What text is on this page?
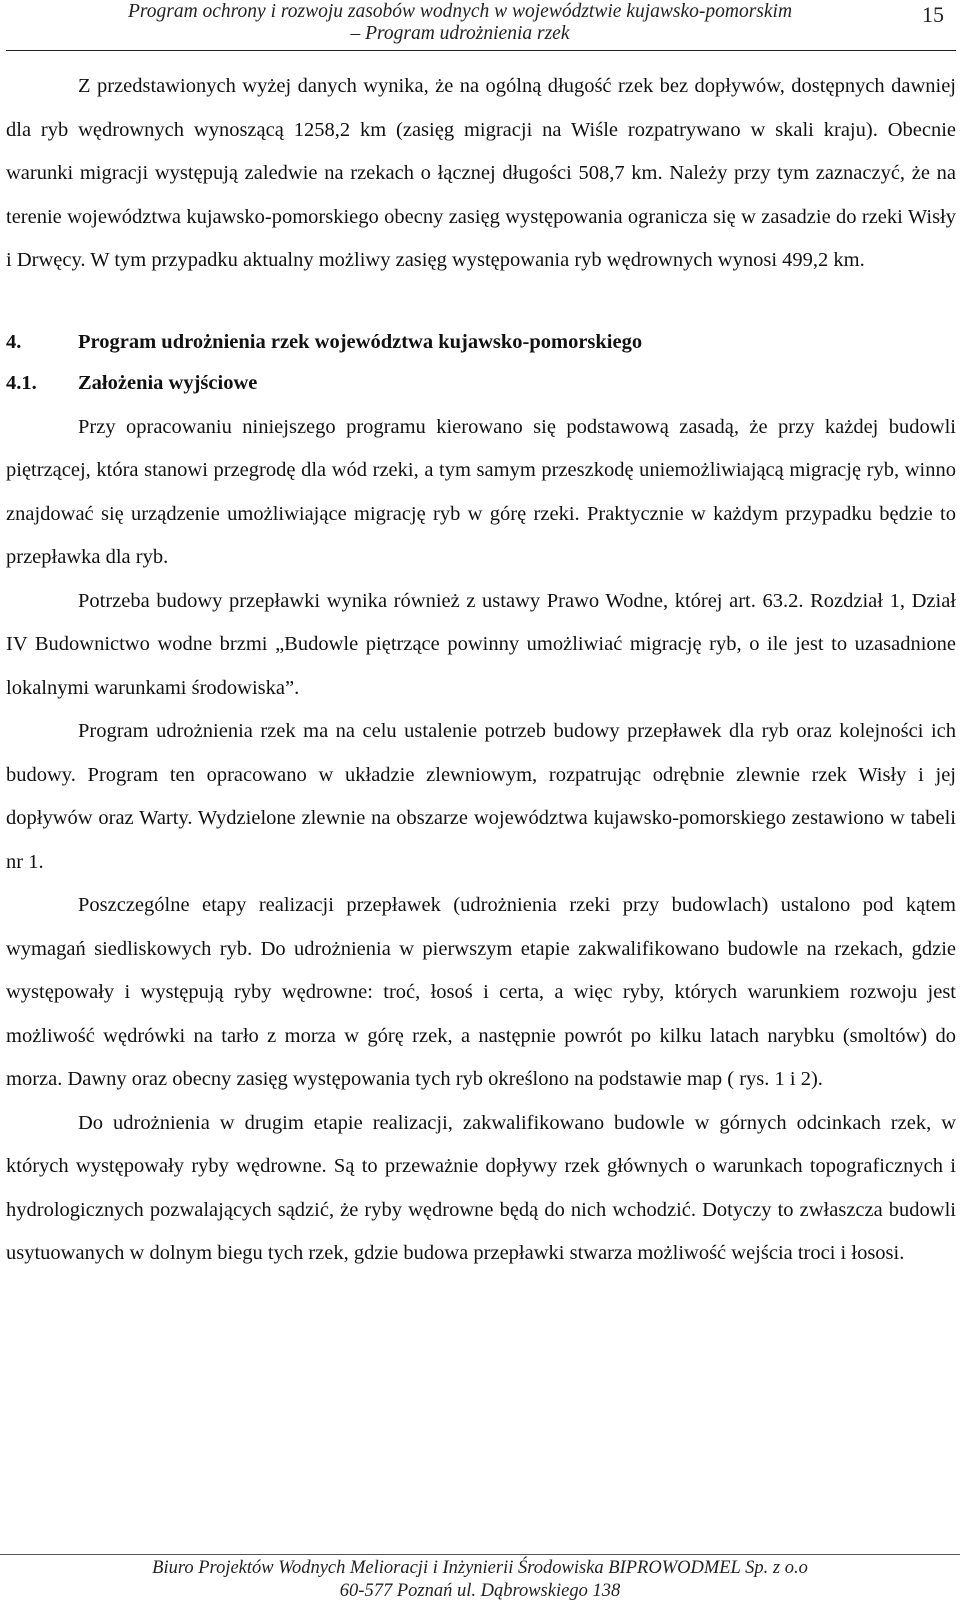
Program ochrony i rozwoju zasobów wodnych w województwie kujawsko-pomorskim
– Program udrożnienia rzek
15

Z przedstawionych wyżej danych wynika, że na ogólną długość rzek bez dopływów, dostępnych dawniej dla ryb wędrownych wynoszącą 1258,2 km (zasięg migracji na Wiśle rozpatrywano w skali kraju). Obecnie warunki migracji występują zaledwie na rzekach o łącznej długości 508,7 km. Należy przy tym zaznaczyć, że na terenie województwa kujawsko-pomorskiego obecny zasięg występowania ogranicza się w zasadzie do rzeki Wisły i Drwęcy. W tym przypadku aktualny możliwy zasięg występowania ryb wędrownych wynosi 499,2 km.

4.	Program udrożnienia rzek województwa kujawsko-pomorskiego

4.1. Założenia wyjściowe

Przy opracowaniu niniejszego programu kierowano się podstawową zasadą, że przy każdej budowli piętrzącej, która stanowi przegrodę dla wód rzeki, a tym samym przeszkodę uniemożliwiającą migrację ryb, winno znajdować się urządzenie umożliwiające migrację ryb w górę rzeki. Praktycznie w każdym przypadku będzie to przepławka dla ryb.

Potrzeba budowy przepławki wynika również z ustawy Prawo Wodne, której art. 63.2. Rozdział 1, Dział IV Budownictwo wodne brzmi „Budowle piętrzące powinny umożliwiać migrację ryb, o ile jest to uzasadnione lokalnymi warunkami środowiska”.

Program udrożnienia rzek ma na celu ustalenie potrzeb budowy przepławek dla ryb oraz kolejności ich budowy. Program ten opracowano w układzie zlewniowym, rozpatrując odrębnie zlewnie rzek Wisły i jej dopływów oraz Warty. Wydzielone zlewnie na obszarze województwa kujawsko-pomorskiego zestawiono w tabeli nr 1.

Poszczególne etapy realizacji przepławek (udrożnienia rzeki przy budowlach) ustalono pod kątem wymagań siedliskowych ryb. Do udrożnienia w pierwszym etapie zakwalifikowano budowle na rzekach, gdzie występowały i występują ryby wędrowne: troć, łosoś i certa, a więc ryby, których warunkiem rozwoju jest możliwość wędrówki na tarło z morza w górę rzek, a następnie powrót po kilku latach narybku (smoltów) do morza. Dawny oraz obecny zasięg występowania tych ryb określono na podstawie map ( rys. 1 i 2).

Do udrożnienia w drugim etapie realizacji, zakwalifikowano budowle w górnych odcinkach rzek, w których występowały ryby wędrowne. Są to przeważnie dopływy rzek głównych o warunkach topograficznych i hydrologicznych pozwalających sądzić, że ryby wędrowne będą do nich wchodzić. Dotyczy to zwłaszcza budowli usytuowanych w dolnym biegu tych rzek, gdzie budowa przepławki stwarza możliwość wejścia troci i łososi.

Biuro Projektów Wodnych Melioracji i Inżynierii Środowiska BIPROWODMEL Sp. z o.o
60-577 Poznań ul. Dąbrowskiego 138
